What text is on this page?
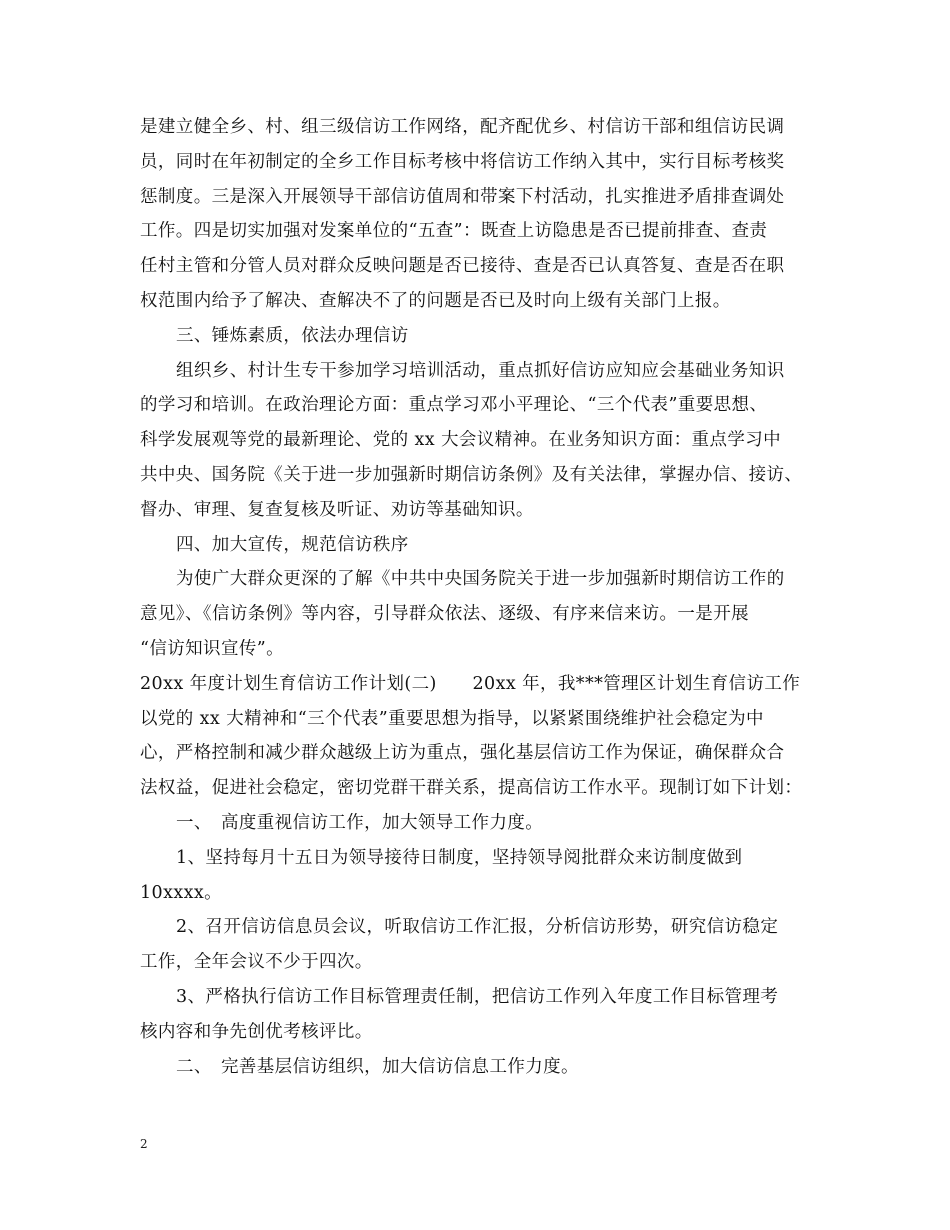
是建立健全乡、村、组三级信访工作网络，配齐配优乡、村信访干部和组信访民调
员，同时在年初制定的全乡工作目标考核中将信访工作纳入其中，实行目标考核奖
惩制度。三是深入开展领导干部信访值周和带案下村活动，扎实推进矛盾排查调处
工作。四是切实加强对发案单位的“五查”：既查上访隐患是否已提前排查、查责
任村主管和分管人员对群众反映问题是否已接待、查是否已认真答复、查是否在职
权范围内给予了解决、查解决不了的问题是否已及时向上级有关部门上报。
三、锤炼素质，依法办理信访
组织乡、村计生专干参加学习培训活动，重点抓好信访应知应会基础业务知识
的学习和培训。在政治理论方面：重点学习邓小平理论、“三个代表”重要思想、
科学发展观等党的最新理论、党的 xx 大会议精神。在业务知识方面：重点学习中
共中央、国务院《关于进一步加强新时期信访条例》及有关法律，掌握办信、接访、
督办、审理、复查复核及听证、劝访等基础知识。
四、加大宣传，规范信访秩序
为使广大群众更深的了解《中共中央国务院关于进一步加强新时期信访工作的
意见》、《信访条例》等内容，引导群众依法、逐级、有序来信来访。一是开展
“信访知识宣传”。
20xx 年度计划生育信访工作计划(二)　　20xx 年，我***管理区计划生育信访工作
以党的 xx 大精神和“三个代表”重要思想为指导，以紧紧围绕维护社会稳定为中
心，严格控制和减少群众越级上访为重点，强化基层信访工作为保证，确保群众合
法权益，促进社会稳定，密切党群干群关系，提高信访工作水平。现制订如下计划：
一、　高度重视信访工作，加大领导工作力度。
1、坚持每月十五日为领导接待日制度，坚持领导阅批群众来访制度做到
10xxxx。
2、召开信访信息员会议，听取信访工作汇报，分析信访形势，研究信访稳定
工作，全年会议不少于四次。
3、严格执行信访工作目标管理责任制，把信访工作列入年度工作目标管理考
核内容和争先创优考核评比。
二、　完善基层信访组织，加大信访信息工作力度。
2
